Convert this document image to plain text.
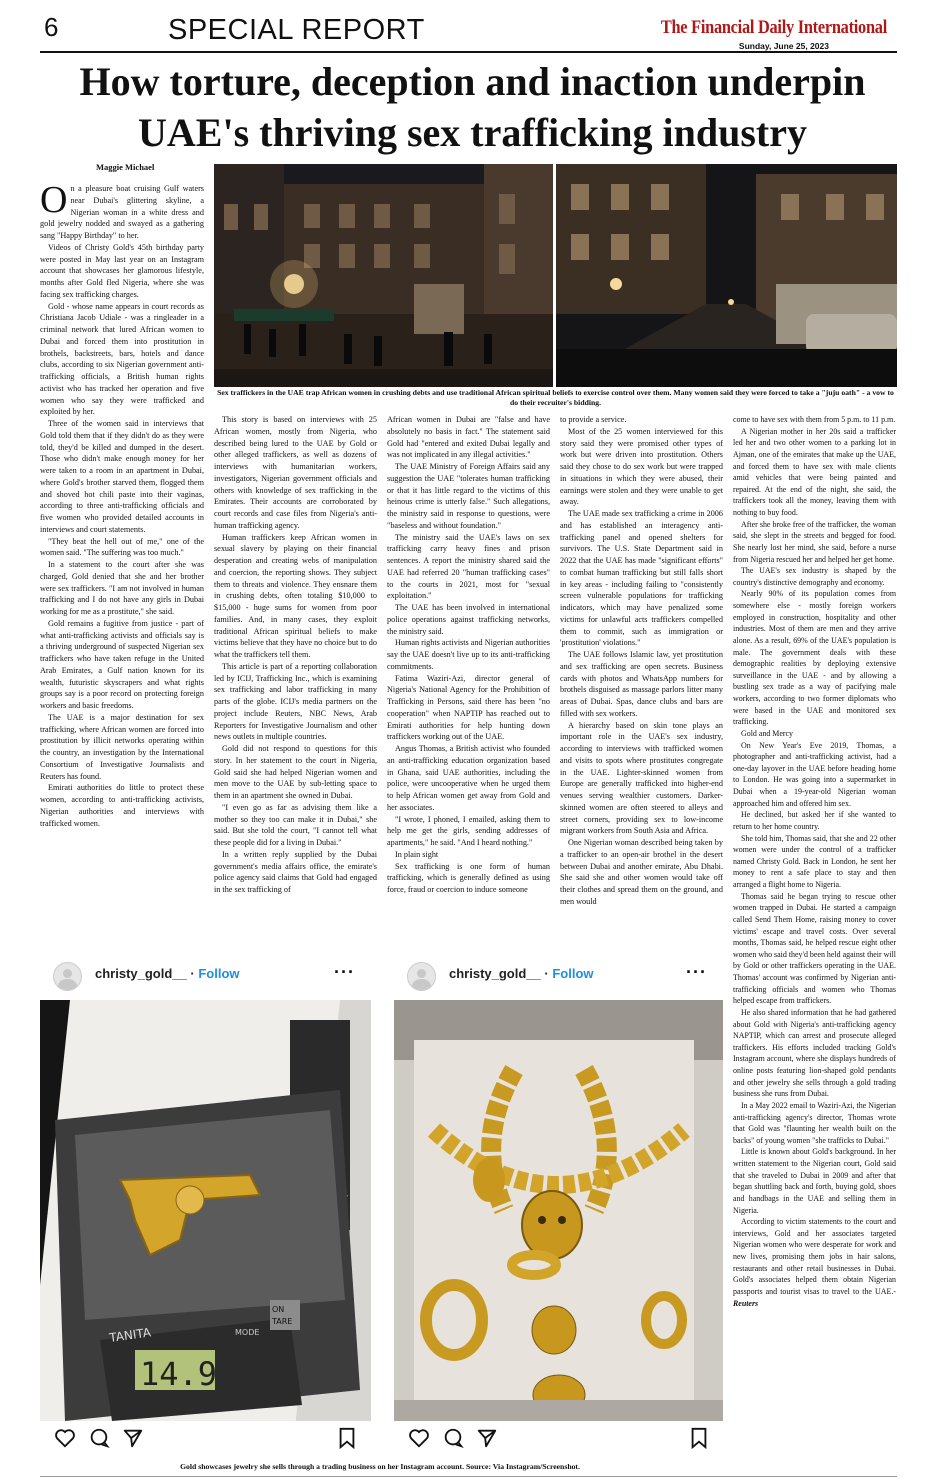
6	SPECIAL REPORT	The Financial Daily International
Sunday, June 25, 2023
How torture, deception and inaction underpin UAE's thriving sex trafficking industry
Maggie Michael
Sex traffickers in the UAE trap African women in crushing debts and use traditional African spiritual beliefs to exercise control over them. Many women said they were forced to take a "juju oath" - a vow to do their recruiter's bidding.

On a pleasure boat cruising Gulf waters near Dubai's glittering skyline, a Nigerian woman in a white dress and gold jewelry nodded and swayed as a gathering sang "Happy Birthday" to her.

Videos of Christy Gold's 45th birthday party were posted in May last year on an Instagram account that showcases her glamorous lifestyle, months after Gold fled Nigeria, where she was facing sex trafficking charges.

Gold - whose name appears in court records as Christiana Jacob Udiale - was a ringleader in a criminal network that lured African women to Dubai and forced them into prostitution in brothels, backstreets, bars, hotels and dance clubs, according to six Nigerian government anti-trafficking officials, a British human rights activist who has tracked her operation and five women who say they were trafficked and exploited by her.

Three of the women said in interviews that Gold told them that if they didn't do as they were told, they'd be killed and dumped in the desert. Those who didn't make enough money for her were taken to a room in an apartment in Dubai, where Gold's brother starved them, flogged them and shoved hot chili paste into their vaginas, according to three anti-trafficking officials and five women who provided detailed accounts in interviews and court statements.

"They beat the hell out of me," one of the women said. "The suffering was too much."

In a statement to the court after she was charged, Gold denied that she and her brother were sex traffickers. "I am not involved in human trafficking and I do not have any girls in Dubai working for me as a prostitute," she said.

Gold remains a fugitive from justice - part of what anti-trafficking activists and officials say is a thriving underground of suspected Nigerian sex traffickers who have taken refuge in the United Arab Emirates, a Gulf nation known for its wealth, futuristic skyscrapers and what rights groups say is a poor record on protecting foreign workers and basic freedoms.

The UAE is a major destination for sex trafficking, where African women are forced into prostitution by illicit networks operating within the country, an investigation by the International Consortium of Investigative Journalists and Reuters has found.

Emirati authorities do little to protect these women, according to anti-trafficking activists, Nigerian authorities and interviews with trafficked women.

This story is based on interviews with 25 African women, mostly from Nigeria, who described being lured to the UAE by Gold or other alleged traffickers, as well as dozens of interviews with humanitarian workers, investigators, Nigerian government officials and others with knowledge of sex trafficking in the Emirates. Their accounts are corroborated by court records and case files from Nigeria's anti-human trafficking agency.

Human traffickers keep African women in sexual slavery by playing on their financial desperation and creating webs of manipulation and coercion, the reporting shows. They subject them to threats and violence. They ensnare them in crushing debts, often totaling $10,000 to $15,000 - huge sums for women from poor families. And, in many cases, they exploit traditional African spiritual beliefs to make victims believe that they have no choice but to do what the traffickers tell them.

This article is part of a reporting collaboration led by ICIJ, Trafficking Inc., which is examining sex trafficking and labor trafficking in many parts of the globe. ICIJ's media partners on the project include Reuters, NBC News, Arab Reporters for Investigative Journalism and other news outlets in multiple countries.

Gold did not respond to questions for this story. In her statement to the court in Nigeria, Gold said she had helped Nigerian women and men move to the UAE by sub-letting space to them in an apartment she owned in Dubai.

"I even go as far as advising them like a mother so they too can make it in Dubai," she said. But she told the court, "I cannot tell what these people did for a living in Dubai."

In a written reply supplied by the Dubai government's media affairs office, the emirate's police agency said claims that Gold had engaged in the sex trafficking of

African women in Dubai are "false and have absolutely no basis in fact." The statement said Gold had "entered and exited Dubai legally and was not implicated in any illegal activities."

The UAE Ministry of Foreign Affairs said any suggestion the UAE "tolerates human trafficking or that it has little regard to the victims of this heinous crime is utterly false." Such allegations, the ministry said in response to questions, were "baseless and without foundation."

The ministry said the UAE's laws on sex trafficking carry heavy fines and prison sentences. A report the ministry shared said the UAE had referred 20 "human trafficking cases" to the courts in 2021, most for "sexual exploitation."

The UAE has been involved in international police operations against trafficking networks, the ministry said.

Human rights activists and Nigerian authorities say the UAE doesn't live up to its anti-trafficking commitments.

Fatima Waziri-Azi, director general of Nigeria's National Agency for the Prohibition of Trafficking in Persons, said there has been "no cooperation" when NAPTIP has reached out to Emirati authorities for help hunting down traffickers working out of the UAE.

Angus Thomas, a British activist who founded an anti-trafficking education organization based in Ghana, said UAE authorities, including the police, were uncooperative when he urged them to help African women get away from Gold and her associates.

"I wrote, I phoned, I emailed, asking them to help me get the girls, sending addresses of apartments," he said. "And I heard nothing."

In plain sight

Sex trafficking is one form of human trafficking, which is generally defined as using force, fraud or coercion to induce someone

to provide a service.

Most of the 25 women interviewed for this story said they were promised other types of work but were driven into prostitution. Others said they chose to do sex work but were trapped in situations in which they were abused, their earnings were stolen and they were unable to get away.

The UAE made sex trafficking a crime in 2006 and has established an interagency anti-trafficking panel and opened shelters for survivors. The U.S. State Department said in 2022 that the UAE has made "significant efforts" to combat human trafficking but still falls short in key areas - including failing to "consistently screen vulnerable populations for trafficking indicators, which may have penalized some victims for unlawful acts traffickers compelled them to commit, such as immigration or 'prostitution' violations."

The UAE follows Islamic law, yet prostitution and sex trafficking are open secrets. Business cards with photos and WhatsApp numbers for brothels disguised as massage parlors litter many areas of Dubai. Spas, dance clubs and bars are filled with sex workers.

A hierarchy based on skin tone plays an important role in the UAE's sex industry, according to interviews with trafficked women and visits to spots where prostitutes congregate in the UAE. Lighter-skinned women from Europe are generally trafficked into higher-end venues serving wealthier customers. Darker-skinned women are often steered to alleys and street corners, providing sex to low-income migrant workers from South Asia and Africa.

One Nigerian woman described being taken by a trafficker to an open-air brothel in the desert between Dubai and another emirate, Abu Dhabi. She said she and other women would take off their clothes and spread them on the ground, and men would

come to have sex with them from 5 p.m. to 11 p.m.

A Nigerian mother in her 20s said a trafficker led her and two other women to a parking lot in Ajman, one of the emirates that make up the UAE, and forced them to have sex with male clients amid vehicles that were being painted and repaired. At the end of the night, she said, the traffickers took all the money, leaving them with nothing to buy food.

After she broke free of the trafficker, the woman said, she slept in the streets and begged for food. She nearly lost her mind, she said, before a nurse from Nigeria rescued her and helped her get home.

The UAE's sex industry is shaped by the country's distinctive demography and economy.

Nearly 90% of its population comes from somewhere else - mostly foreign workers employed in construction, hospitality and other industries. Most of them are men and they arrive alone. As a result, 69% of the UAE's population is male. The government deals with these demographic realities by deploying extensive surveillance in the UAE - and by allowing a bustling sex trade as a way of pacifying male workers, according to two former diplomats who were based in the UAE and monitored sex trafficking.

Gold and Mercy

On New Year's Eve 2019, Thomas, a photographer and anti-trafficking activist, had a one-day layover in the UAE before heading home to London. He was going into a supermarket in Dubai when a 19-year-old Nigerian woman approached him and offered him sex.

He declined, but asked her if she wanted to return to her home country.

She told him, Thomas said, that she and 22 other women were under the control of a trafficker named Christy Gold. Back in London, he sent her money to rent a safe place to stay and then arranged a flight home to Nigeria.

Thomas said he began trying to rescue other women trapped in Dubai. He started a campaign called Send Them Home, raising money to cover victims' escape and travel costs. Over several months, Thomas said, he helped rescue eight other women who said they'd been held against their will by Gold or other traffickers operating in the UAE. Thomas' account was confirmed by Nigerian anti-trafficking officials and women who Thomas helped escape from traffickers.

He also shared information that he had gathered about Gold with Nigeria's anti-trafficking agency NAPTIP, which can arrest and prosecute alleged traffickers. His efforts included tracking Gold's Instagram account, where she displays hundreds of online posts featuring lion-shaped gold pendants and other jewelry she sells through a gold trading business she runs from Dubai.

In a May 2022 email to Waziri-Azi, the Nigerian anti-trafficking agency's director, Thomas wrote that Gold was "flaunting her wealth built on the backs" of young women "she trafficks to Dubai."

Little is known about Gold's background. In her written statement to the Nigerian court, Gold said that she traveled to Dubai in 2009 and after that began shuttling back and forth, buying gold, shoes and handbags in the UAE and selling them in Nigeria.

According to victim statements to the court and interviews, Gold and her associates targeted Nigerian women who were desperate for work and new lives, promising them jobs in hair salons, restaurants and other retail businesses in Dubai. Gold's associates helped them obtain Nigerian passports and tourist visas to travel to the UAE.-Reuters

christy_gold__ · Follow	···
14.9
TANITA
ON
TARE
MODE
christy_gold__ · Follow	···
Gold showcases jewelry she sells through a trading business on her Instagram account. Source: Via Instagram/Screenshot.
